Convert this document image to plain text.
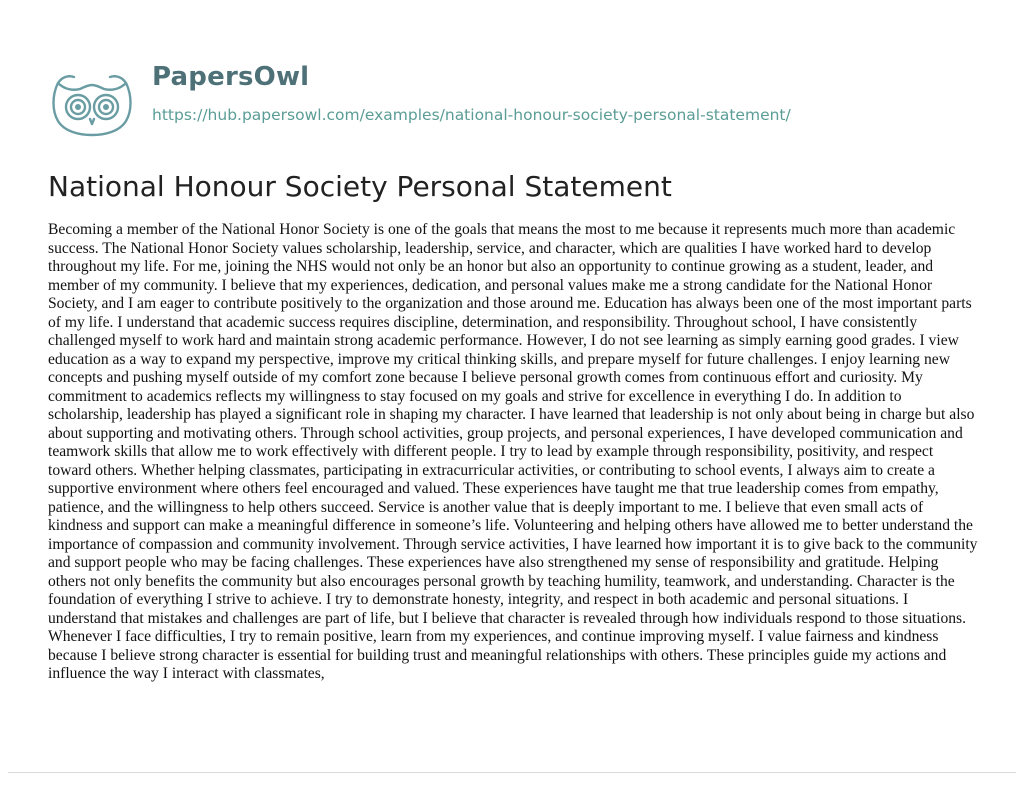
PapersOwl
https://hub.papersowl.com/examples/national-honour-society-personal-statement/
National Honour Society Personal Statement

Becoming a member of the National Honor Society is one of the goals that means the most to me because it represents much more than academic success. The National Honor Society values scholarship, leadership, service, and character, which are qualities I have worked hard to develop throughout my life. For me, joining the NHS would not only be an honor but also an opportunity to continue growing as a student, leader, and member of my community. I believe that my experiences, dedication, and personal values make me a strong candidate for the National Honor Society, and I am eager to contribute positively to the organization and those around me. Education has always been one of the most important parts of my life. I understand that academic success requires discipline, determination, and responsibility. Throughout school, I have consistently challenged myself to work hard and maintain strong academic performance. However, I do not see learning as simply earning good grades. I view education as a way to expand my perspective, improve my critical thinking skills, and prepare myself for future challenges. I enjoy learning new concepts and pushing myself outside of my comfort zone because I believe personal growth comes from continuous effort and curiosity. My commitment to academics reflects my willingness to stay focused on my goals and strive for excellence in everything I do. In addition to scholarship, leadership has played a significant role in shaping my character. I have learned that leadership is not only about being in charge but also about supporting and motivating others. Through school activities, group projects, and personal experiences, I have developed communication and teamwork skills that allow me to work effectively with different people. I try to lead by example through responsibility, positivity, and respect toward others. Whether helping classmates, participating in extracurricular activities, or contributing to school events, I always aim to create a supportive environment where others feel encouraged and valued. These experiences have taught me that true leadership comes from empathy, patience, and the willingness to help others succeed. Service is another value that is deeply important to me. I believe that even small acts of kindness and support can make a meaningful difference in someone’s life. Volunteering and helping others have allowed me to better understand the importance of compassion and community involvement. Through service activities, I have learned how important it is to give back to the community and support people who may be facing challenges. These experiences have also strengthened my sense of responsibility and gratitude. Helping others not only benefits the community but also encourages personal growth by teaching humility, teamwork, and understanding. Character is the foundation of everything I strive to achieve. I try to demonstrate honesty, integrity, and respect in both academic and personal situations. I understand that mistakes and challenges are part of life, but I believe that character is revealed through how individuals respond to those situations. Whenever I face difficulties, I try to remain positive, learn from my experiences, and continue improving myself. I value fairness and kindness because I believe strong character is essential for building trust and meaningful relationships with others. These principles guide my actions and influence the way I interact with classmates,
